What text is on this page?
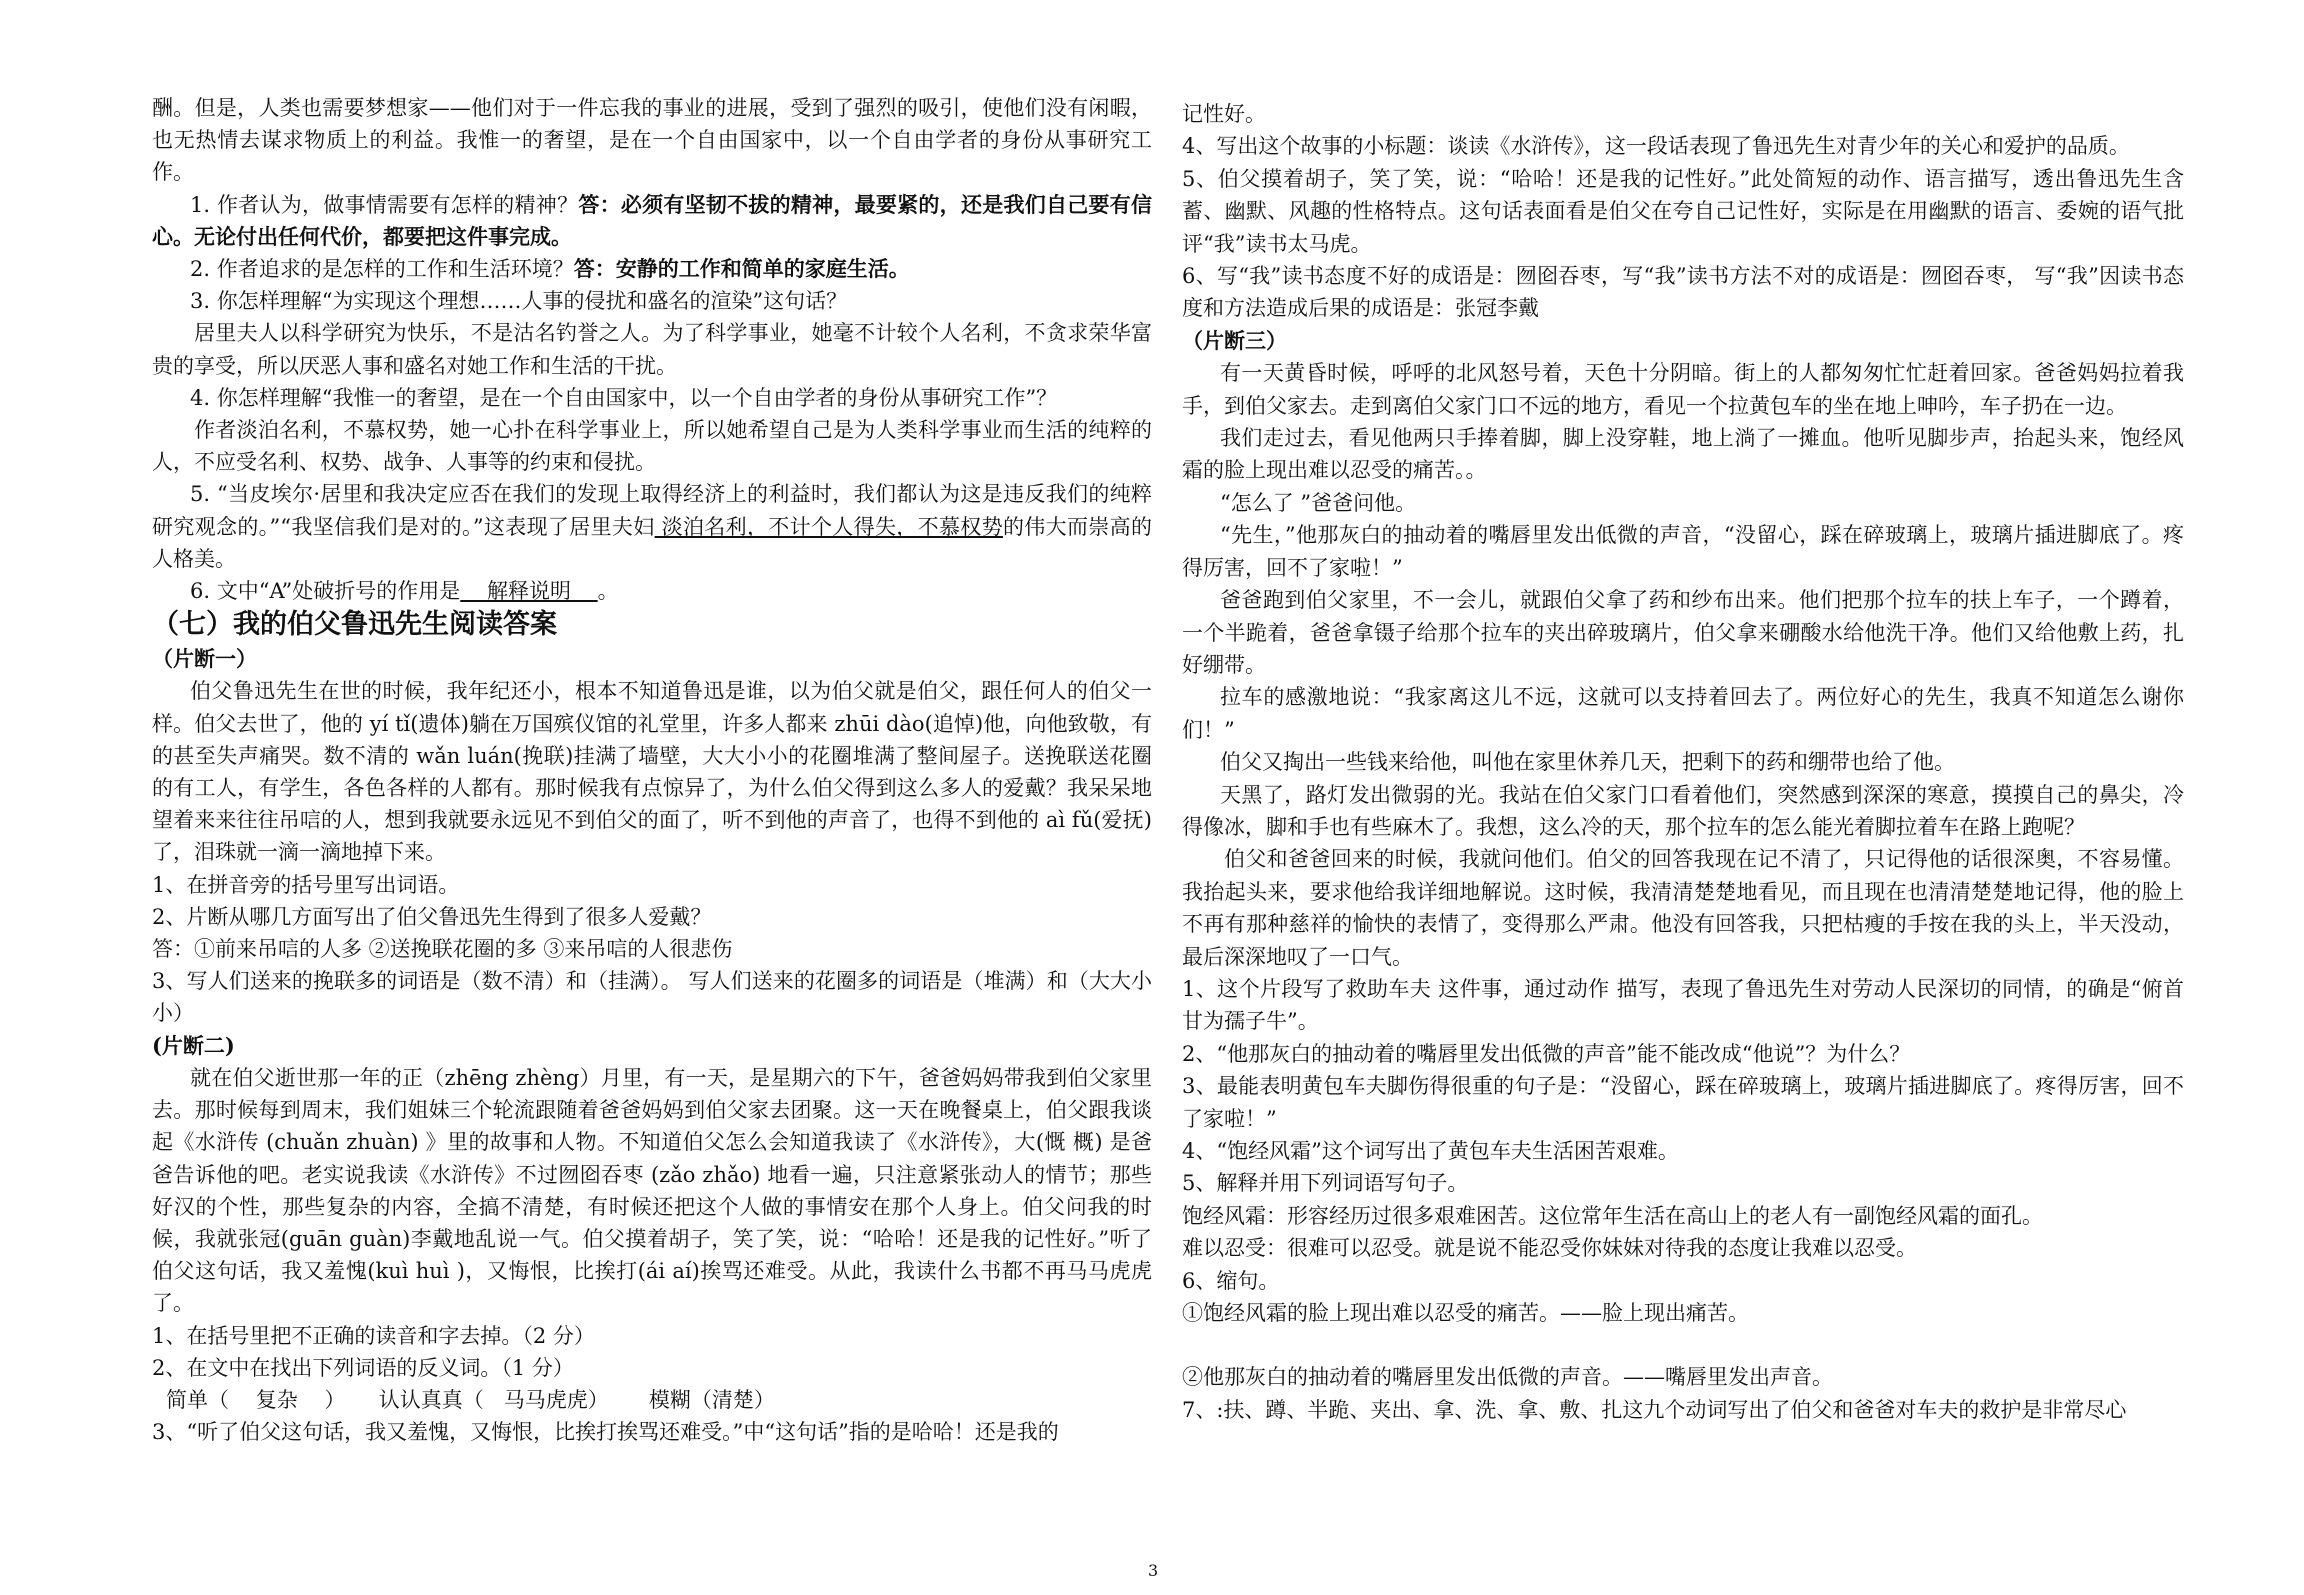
酬。但是，人类也需要梦想家——他们对于一件忘我的事业的进展，受到了强烈的吸引，使他们没有闲暇，也无热情去谋求物质上的利益。我惟一的奢望，是在一个自由国家中，以一个自由学者的身份从事研究工作。

1. 作者认为，做事情需要有怎样的精神？答：必须有坚韧不拔的精神，最要紧的，还是我们自己要有信心。无论付出任何代价，都要把这件事完成。

2. 作者追求的是怎样的工作和生活环境？答：安静的工作和简单的家庭生活。

3. 你怎样理解“为实现这个理想……人事的侵扰和盛名的渲染”这句话？

居里夫人以科学研究为快乐，不是沽名钓誉之人。为了科学事业，她毫不计较个人名利，不贪求荣华富贵的享受，所以厌恶人事和盛名对她工作和生活的干扰。

4. 你怎样理解“我惟一的奢望，是在一个自由国家中，以一个自由学者的身份从事研究工作”？

作者淡泊名利，不慕权势，她一心扑在科学事业上，所以她希望自己是为人类科学事业而生活的纯粹的人，不应受名利、权势、战争、人事等的约束和侵扰。

5. “当皮埃尔·居里和我决定应否在我们的发现上取得经济上的利益时，我们都认为这是违反我们的纯粹研究观念的。”“我坚信我们是对的。”这表现了居里夫妇 淡泊名利，不计个人得失，不慕权势的伟大而崇高的人格美。

6. 文中“A”处破折号的作用是    解释说明    。

（七）我的伯父鲁迅先生阅读答案

（片断一）

伯父鲁迅先生在世的时候，我年纪还小，根本不知道鲁迅是谁，以为伯父就是伯父，跟任何人的伯父一样。伯父去世了，他的 yí tǐ(遗体)躺在万国殡仪馆的礼堂里，许多人都来 zhūi dào(追悼)他，向他致敬，有的甚至失声痛哭。数不清的 wǎn luán(挽联)挂满了墙壁，大大小小的花圈堆满了整间屋子。送挽联送花圈的有工人，有学生，各色各样的人都有。那时候我有点惊异了，为什么伯父得到这么多人的爱戴？我呆呆地望着来来往往吊唁的人，想到我就要永远见不到伯父的面了，听不到他的声音了，也得不到他的 aì fǔ(爱抚)了，泪珠就一滴一滴地掉下来。

1、在拼音旁的括号里写出词语。

2、片断从哪几方面写出了伯父鲁迅先生得到了很多人爱戴？

答：①前来吊唁的人多 ②送挽联花圈的多 ③来吊唁的人很悲伤

3、写人们送来的挽联多的词语是（数不清）和（挂满）。 写人们送来的花圈多的词语是（堆满）和（大大小小）

(片断二)

就在伯父逝世那一年的正（zhēng zhèng）月里，有一天，是星期六的下午，爸爸妈妈带我到伯父家里去。那时候每到周末，我们姐妹三个轮流跟随着爸爸妈妈到伯父家去团聚。这一天在晚餐桌上，伯父跟我谈起《水浒传 (chuǎn zhuàn) 》里的故事和人物。不知道伯父怎么会知道我读了《水浒传》，大(慨 概) 是爸爸告诉他的吧。老实说我读《水浒传》不过囫囵吞枣 (zǎo zhǎo) 地看一遍，只注意紧张动人的情节；那些好汉的个性，那些复杂的内容，全搞不清楚，有时候还把这个人做的事情安在那个人身上。伯父问我的时候，我就张冠(guān guàn)李戴地乱说一气。伯父摸着胡子，笑了笑，说：“哈哈！还是我的记性好。”听了伯父这句话，我又羞愧(kuì huì )，又悔恨，比挨打(ái aí)挨骂还难受。从此，我读什么书都不再马马虎虎了。

1、在括号里把不正确的读音和字去掉。（2 分）

2、在文中在找出下列词语的反义词。（1 分）

简单（    复杂    ）     认认真真（   马马虎虎）      模糊（清楚）

3、“听了伯父这句话，我又羞愧，又悔恨，比挨打挨骂还难受。”中“这句话”指的是哈哈！还是我的

记性好。

4、写出这个故事的小标题：谈读《水浒传》，这一段话表现了鲁迅先生对青少年的关心和爱护的品质。

5、伯父摸着胡子，笑了笑，说：“哈哈！还是我的记性好。”此处简短的动作、语言描写，透出鲁迅先生含蓄、幽默、风趣的性格特点。这句话表面看是伯父在夸自己记性好，实际是在用幽默的语言、委婉的语气批评“我”读书太马虎。

6、写“我”读书态度不好的成语是：囫囵吞枣，写“我”读书方法不对的成语是：囫囵吞枣， 写“我”因读书态度和方法造成后果的成语是：张冠李戴

（片断三）

有一天黄昏时候，呼呼的北风怒号着，天色十分阴暗。街上的人都匆匆忙忙赶着回家。爸爸妈妈拉着我手，到伯父家去。走到离伯父家门口不远的地方，看见一个拉黄包车的坐在地上呻吟，车子扔在一边。

我们走过去，看见他两只手捧着脚，脚上没穿鞋，地上淌了一摊血。他听见脚步声，抬起头来，饱经风霜的脸上现出难以忍受的痛苦。。

“怎么了 ”爸爸问他。

“先生，”他那灰白的抽动着的嘴唇里发出低微的声音，“没留心，踩在碎玻璃上，玻璃片插进脚底了。疼得厉害，回不了家啦！”

爸爸跑到伯父家里，不一会儿，就跟伯父拿了药和纱布出来。他们把那个拉车的扶上车子，一个蹲着，一个半跪着，爸爸拿镊子给那个拉车的夹出碎玻璃片，伯父拿来硼酸水给他洗干净。他们又给他敷上药，扎好绷带。

拉车的感激地说：“我家离这儿不远，这就可以支持着回去了。两位好心的先生，我真不知道怎么谢你们！”

伯父又掏出一些钱来给他，叫他在家里休养几天，把剩下的药和绷带也给了他。

天黑了，路灯发出微弱的光。我站在伯父家门口看着他们，突然感到深深的寒意，摸摸自己的鼻尖，冷得像冰，脚和手也有些麻木了。我想，这么冷的天，那个拉车的怎么能光着脚拉着车在路上跑呢？

伯父和爸爸回来的时候，我就问他们。伯父的回答我现在记不清了，只记得他的话很深奥，不容易懂。我抬起头来，要求他给我详细地解说。这时候，我清清楚楚地看见，而且现在也清清楚楚地记得，他的脸上不再有那种慈祥的愉快的表情了，变得那么严肃。他没有回答我，只把枯瘦的手按在我的头上，半天没动，最后深深地叹了一口气。

1、这个片段写了救助车夫 这件事，通过动作 描写，表现了鲁迅先生对劳动人民深切的同情，的确是“俯首甘为孺子牛”。

2、“他那灰白的抽动着的嘴唇里发出低微的声音”能不能改成“他说”？为什么？

3、最能表明黄包车夫脚伤得很重的句子是：“没留心，踩在碎玻璃上，玻璃片插进脚底了。疼得厉害，回不了家啦！”

4、“饱经风霜”这个词写出了黄包车夫生活困苦艰难。

5、解释并用下列词语写句子。

饱经风霜：形容经历过很多艰难困苦。这位常年生活在高山上的老人有一副饱经风霜的面孔。

难以忍受：很难可以忍受。就是说不能忍受你妹妹对待我的态度让我难以忍受。

6、缩句。

①饱经风霜的脸上现出难以忍受的痛苦。——脸上现出痛苦。

②他那灰白的抽动着的嘴唇里发出低微的声音。——嘴唇里发出声音。

7、:扶、蹲、半跪、夹出、拿、洗、拿、敷、扎这九个动词写出了伯父和爸爸对车夫的救护是非常尽心

3
